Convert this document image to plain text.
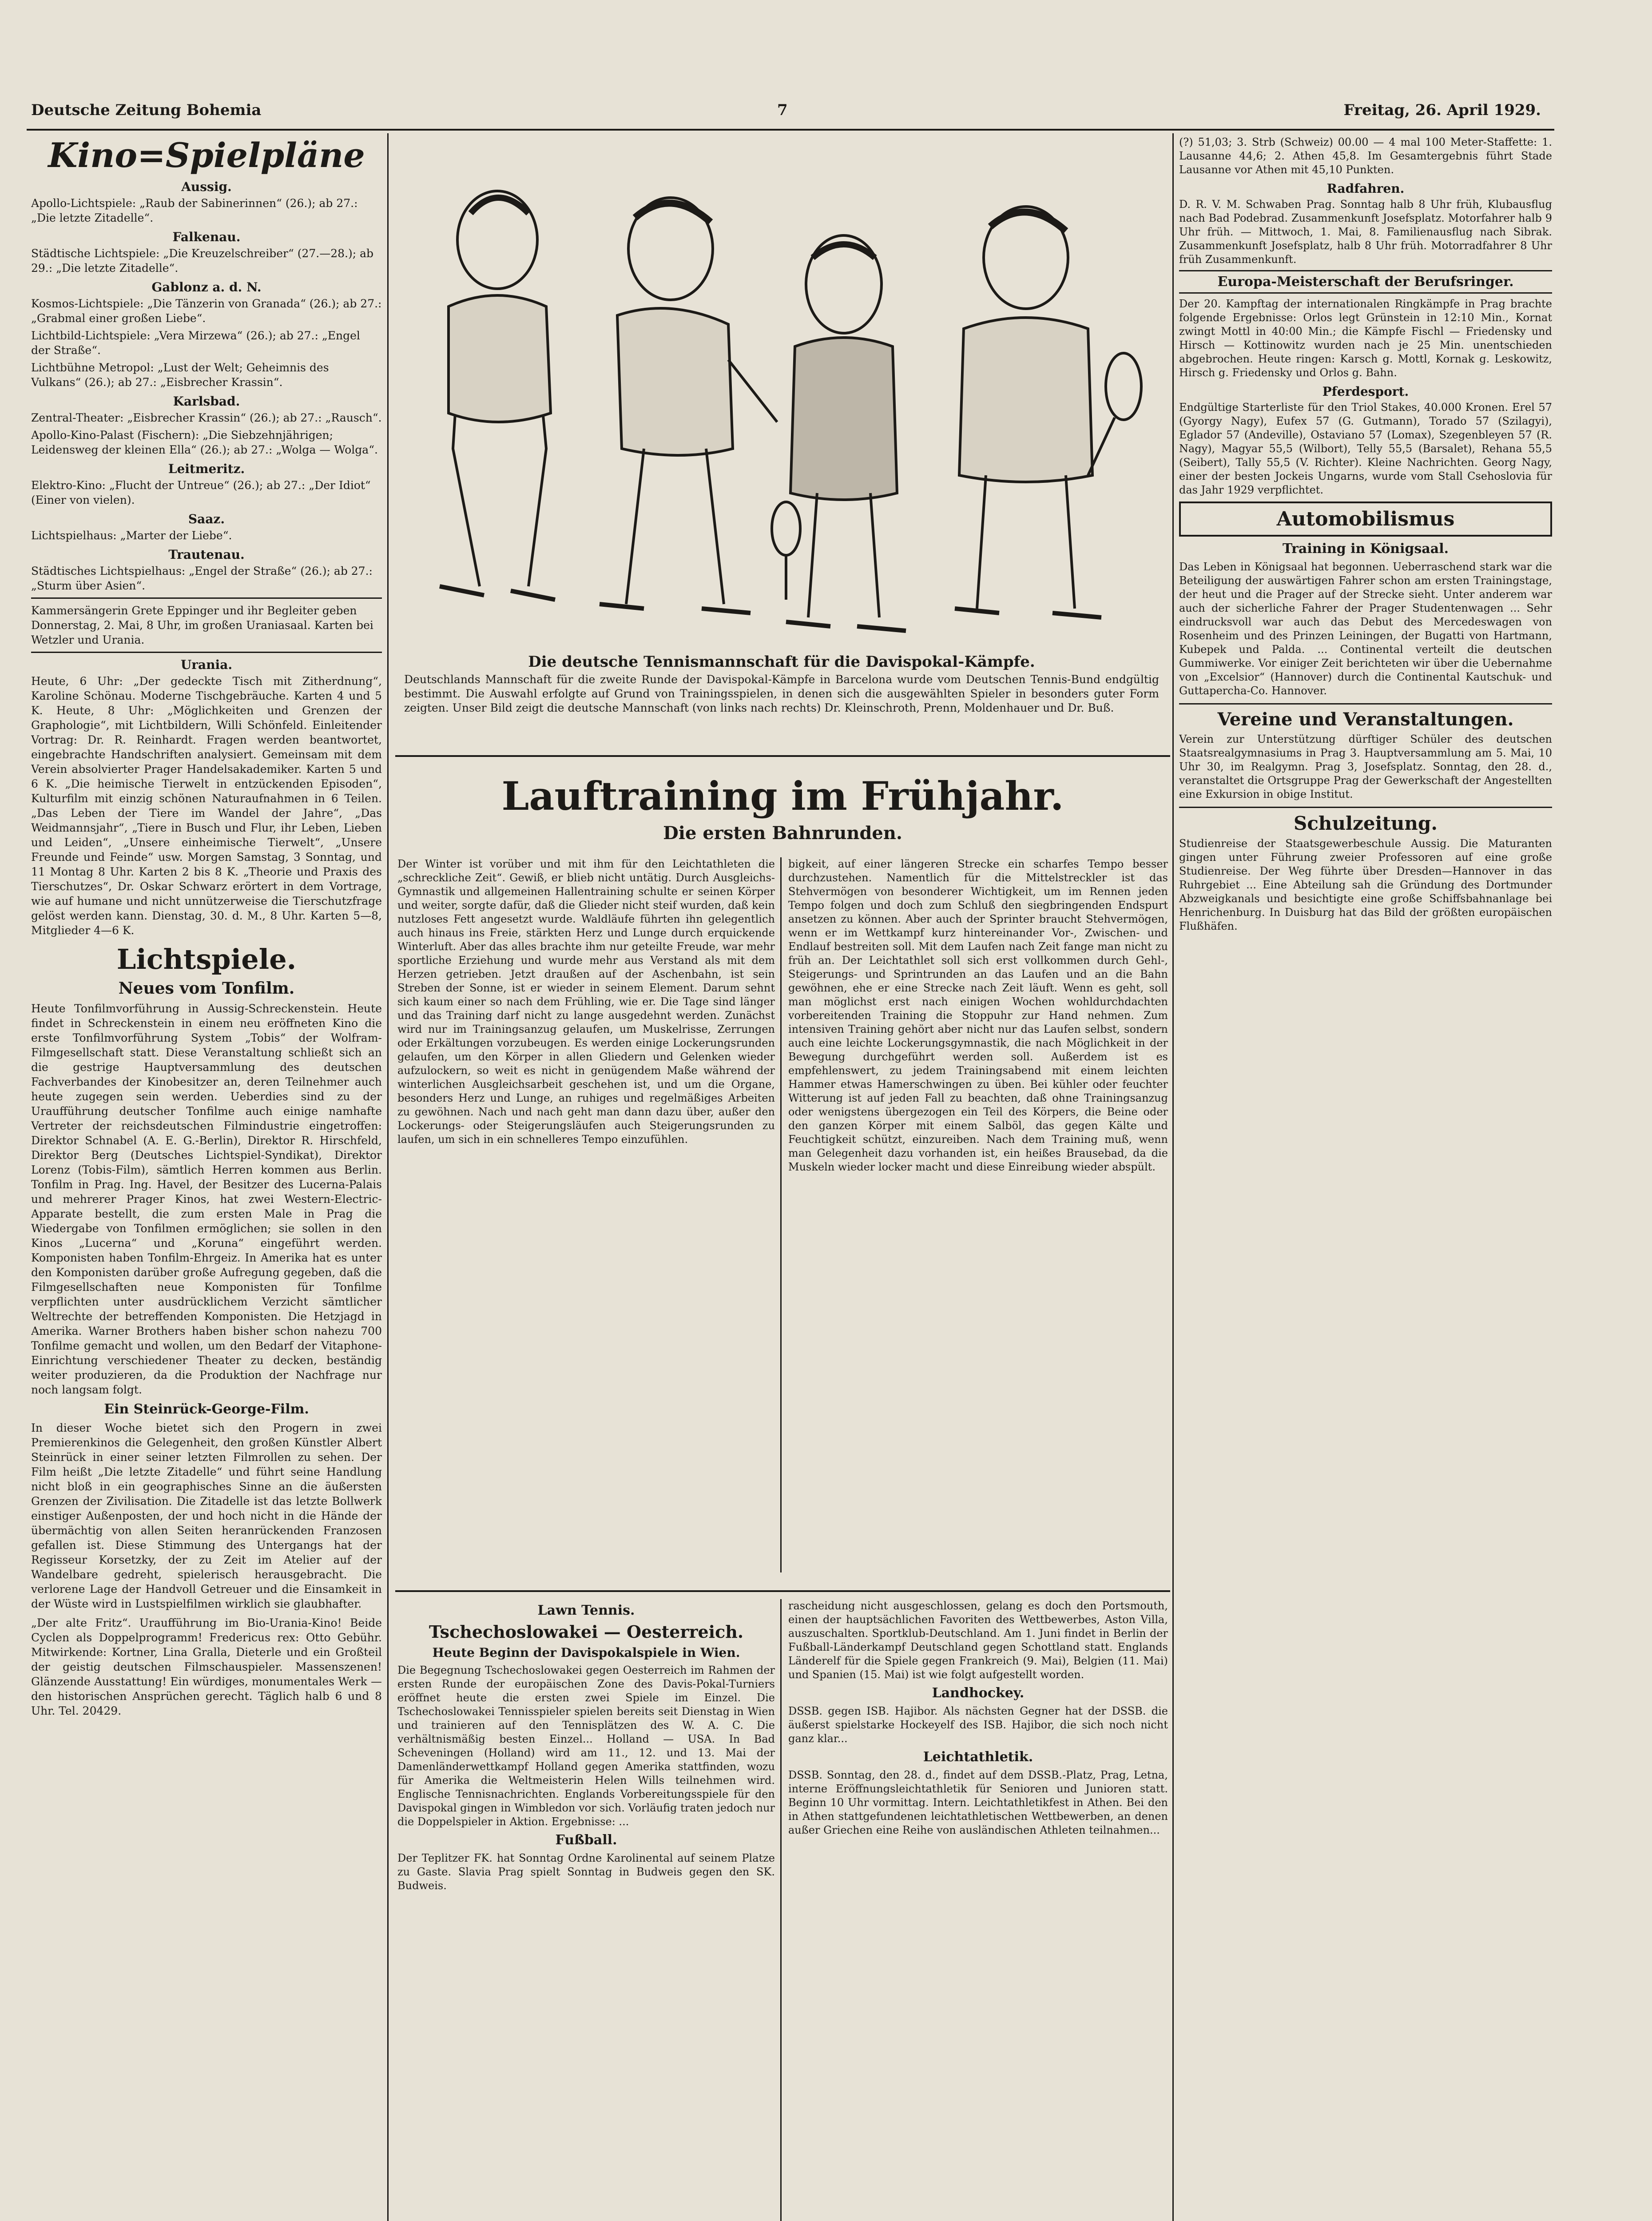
Deutsche Zeitung Bohemia	7	Freitag, 26. April 1929.
Kino=Spielpläne
Aussig.

Apollo-Lichtspiele: „Raub der Sabinerinnen“ (26.); ab 27.: „Die letzte Zitadelle“.

Falkenau.

Städtische Lichtspiele: „Die Kreuzelschreiber“ (27.—28.); ab 29.: „Die letzte Zitadelle“.

Gablonz a. d. N.

Kosmos-Lichtspiele: „Die Tänzerin von Granada“ (26.); ab 27.: „Grabmal einer großen Liebe“.

Lichtbild-Lichtspiele: „Vera Mirzewa“ (26.); ab 27.: „Engel der Straße“.

Lichtbühne Metropol: „Lust der Welt; Geheimnis des Vulkans“ (26.); ab 27.: „Eisbrecher Krassin“.

Karlsbad.

Zentral-Theater: „Eisbrecher Krassin“ (26.); ab 27.: „Rausch“.

Apollo-Kino-Palast (Fischern): „Die Siebzehnjährigen; Leidensweg der kleinen Ella“ (26.); ab 27.: „Wolga — Wolga“.

Leitmeritz.

Elektro-Kino: „Flucht der Untreue“ (26.); ab 27.: „Der Idiot“ (Einer von vielen).

Saaz.

Lichtspielhaus: „Marter der Liebe“.

Trautenau.

Städtisches Lichtspielhaus: „Engel der Straße“ (26.); ab 27.: „Sturm über Asien“.

Kammersängerin Grete Eppinger und ihr Begleiter geben Donnerstag, 2. Mai, 8 Uhr, im großen Uraniasaal. Karten bei Wetzler und Urania.

Urania.

Heute, 6 Uhr: „Der gedeckte Tisch mit Zitherdnung“, Karoline Schönau. Moderne Tischgebräuche. Karten 4 und 5 K. Heute, 8 Uhr: „Möglichkeiten und Grenzen der Graphologie“, mit Lichtbildern, Willi Schönfeld. Einleitender Vortrag: Dr. R. Reinhardt. Fragen werden beantwortet, eingebrachte Handschriften analysiert. Gemeinsam mit dem Verein absolvierter Prager Handelsakademiker. Karten 5 und 6 K. „Die heimische Tierwelt in entzückenden Episoden“, Kulturfilm mit einzig schönen Naturaufnahmen in 6 Teilen. „Das Leben der Tiere im Wandel der Jahre“, „Das Weidmannsjahr“, „Tiere in Busch und Flur, ihr Leben, Lieben und Leiden“, „Unsere einheimische Tierwelt“, „Unsere Freunde und Feinde“ usw. Morgen Samstag, 3 Sonntag, und 11 Montag 8 Uhr. Karten 2 bis 8 K. „Theorie und Praxis des Tierschutzes“, Dr. Oskar Schwarz erörtert in dem Vortrage, wie auf humane und nicht unnützerweise die Tierschutzfrage gelöst werden kann. Dienstag, 30. d. M., 8 Uhr. Karten 5—8, Mitglieder 4—6 K.

Lichtspiele.
Neues vom Tonfilm.

Heute Tonfilmvorführung in Aussig-Schreckenstein. Heute findet in Schreckenstein in einem neu eröffneten Kino die erste Tonfilmvorführung System „Tobis“ der Wolfram-Filmgesellschaft statt. Diese Veranstaltung schließt sich an die gestrige Hauptversammlung des deutschen Fachverbandes der Kinobesitzer an, deren Teilnehmer auch heute zugegen sein werden. Ueberdies sind zu der Uraufführung deutscher Tonfilme auch einige namhafte Vertreter der reichsdeutschen Filmindustrie eingetroffen: Direktor Schnabel (A. E. G.-Berlin), Direktor R. Hirschfeld, Direktor Berg (Deutsches Lichtspiel-Syndikat), Direktor Lorenz (Tobis-Film), sämtlich Herren kommen aus Berlin. Tonfilm in Prag. Ing. Havel, der Besitzer des Lucerna-Palais und mehrerer Prager Kinos, hat zwei Western-Electric-Apparate bestellt, die zum ersten Male in Prag die Wiedergabe von Tonfilmen ermöglichen; sie sollen in den Kinos „Lucerna“ und „Koruna“ eingeführt werden. Komponisten haben Tonfilm-Ehrgeiz. In Amerika hat es unter den Komponisten darüber große Aufregung gegeben, daß die Filmgesellschaften neue Komponisten für Tonfilme verpflichten unter ausdrücklichem Verzicht sämtlicher Weltrechte der betreffenden Komponisten. Die Hetzjagd in Amerika. Warner Brothers haben bisher schon nahezu 700 Tonfilme gemacht und wollen, um den Bedarf der Vitaphone-Einrichtung verschiedener Theater zu decken, beständig weiter produzieren, da die Produktion der Nachfrage nur noch langsam folgt.

Ein Steinrück-George-Film.

In dieser Woche bietet sich den Progern in zwei Premierenkinos die Gelegenheit, den großen Künstler Albert Steinrück in einer seiner letzten Filmrollen zu sehen. Der Film heißt „Die letzte Zitadelle“ und führt seine Handlung nicht bloß in ein geographisches Sinne an die äußersten Grenzen der Zivilisation. Die Zitadelle ist das letzte Bollwerk einstiger Außenposten, der und hoch nicht in die Hände der übermächtig von allen Seiten heranrückenden Franzosen gefallen ist. Diese Stimmung des Untergangs hat der Regisseur Korsetzky, der zu Zeit im Atelier auf der Wandelbare gedreht, spielerisch herausgebracht. Die verlorene Lage der Handvoll Getreuer und die Einsamkeit in der Wüste wird in Lustspielfilmen wirklich sie glaubhafter.

„Der alte Fritz“. Uraufführung im Bio-Urania-Kino! Beide Cyclen als Doppelprogramm! Fredericus rex: Otto Gebühr. Mitwirkende: Kortner, Lina Gralla, Dieterle und ein Großteil der geistig deutschen Filmschauspieler. Massenszenen! Glänzende Ausstattung! Ein würdiges, monumentales Werk — den historischen Ansprüchen gerecht. Täglich halb 6 und 8 Uhr. Tel. 20429.

Die deutsche Tennismannschaft für die Davispokal-Kämpfe.

Deutschlands Mannschaft für die zweite Runde der Davispokal-Kämpfe in Barcelona wurde vom Deutschen Tennis-Bund endgültig bestimmt. Die Auswahl erfolgte auf Grund von Trainingsspielen, in denen sich die ausgewählten Spieler in besonders guter Form zeigten. Unser Bild zeigt die deutsche Mannschaft (von links nach rechts) Dr. Kleinschroth, Prenn, Moldenhauer und Dr. Buß.

Lauftraining im Frühjahr.
Die ersten Bahnrunden.

Der Winter ist vorüber und mit ihm für den Leichtathleten die „schreckliche Zeit“. Gewiß, er blieb nicht untätig. Durch Ausgleichs-Gymnastik und allgemeinen Hallentraining schulte er seinen Körper und weiter, sorgte dafür, daß die Glieder nicht steif wurden, daß kein nutzloses Fett angesetzt wurde. Waldläufe führten ihn gelegentlich auch hinaus ins Freie, stärkten Herz und Lunge durch erquickende Winterluft. Aber das alles brachte ihm nur geteilte Freude, war mehr sportliche Erziehung und wurde mehr aus Verstand als mit dem Herzen getrieben. Jetzt draußen auf der Aschenbahn, ist sein Streben der Sonne, ist er wieder in seinem Element. Darum sehnt sich kaum einer so nach dem Frühling, wie er. Die Tage sind länger und das Training darf nicht zu lange ausgedehnt werden. Zunächst wird nur im Trainingsanzug gelaufen, um Muskelrisse, Zerrungen oder Erkältungen vorzubeugen. Es werden einige Lockerungsrunden gelaufen, um den Körper in allen Gliedern und Gelenken wieder aufzulockern, so weit es nicht in genügendem Maße während der winterlichen Ausgleichsarbeit geschehen ist, und um die Organe, besonders Herz und Lunge, an ruhiges und regelmäßiges Arbeiten zu gewöhnen. Nach und nach geht man dann dazu über, außer den Lockerungs- oder Steigerungsläufen auch Steigerungsrunden zu laufen, um sich in ein schnelleres Tempo einzufühlen.

bigkeit, auf einer längeren Strecke ein scharfes Tempo besser durchzustehen. Namentlich für die Mittelstreckler ist das Stehvermögen von besonderer Wichtigkeit, um im Rennen jeden Tempo folgen und doch zum Schluß den siegbringenden Endspurt ansetzen zu können. Aber auch der Sprinter braucht Stehvermögen, wenn er im Wettkampf kurz hintereinander Vor-, Zwischen- und Endlauf bestreiten soll. Mit dem Laufen nach Zeit fange man nicht zu früh an. Der Leichtathlet soll sich erst vollkommen durch Gehl-, Steigerungs- und Sprintrunden an das Laufen und an die Bahn gewöhnen, ehe er eine Strecke nach Zeit läuft. Wenn es geht, soll man möglichst erst nach einigen Wochen wohldurchdachten vorbereitenden Training die Stoppuhr zur Hand nehmen. Zum intensiven Training gehört aber nicht nur das Laufen selbst, sondern auch eine leichte Lockerungsgymnastik, die nach Möglichkeit in der Bewegung durchgeführt werden soll. Außerdem ist es empfehlenswert, zu jedem Trainingsabend mit einem leichten Hammer etwas Hamerschwingen zu üben. Bei kühler oder feuchter Witterung ist auf jeden Fall zu beachten, daß ohne Trainingsanzug oder wenigstens übergezogen ein Teil des Körpers, die Beine oder den ganzen Körper mit einem Salböl, das gegen Kälte und Feuchtigkeit schützt, einzureiben. Nach dem Training muß, wenn man Gelegenheit dazu vorhanden ist, ein heißes Brausebad, da die Muskeln wieder locker macht und diese Einreibung wieder abspült.

Lawn Tennis.
Tschechoslowakei — Oesterreich.
Heute Beginn der Davispokalspiele in Wien.

Die Begegnung Tschechoslowakei gegen Oesterreich im Rahmen der ersten Runde der europäischen Zone des Davis-Pokal-Turniers eröffnet heute die ersten zwei Spiele im Einzel. Die Tschechoslowakei Tennisspieler spielen bereits seit Dienstag in Wien und trainieren auf den Tennisplätzen des W. A. C. Die verhältnismäßig besten Einzel... Holland — USA. In Bad Scheveningen (Holland) wird am 11., 12. und 13. Mai der Damenländerwettkampf Holland gegen Amerika stattfinden, wozu für Amerika die Weltmeisterin Helen Wills teilnehmen wird. Englische Tennisnachrichten. Englands Vorbereitungsspiele für den Davispokal gingen in Wimbledon vor sich. Vorläufig traten jedoch nur die Doppelspieler in Aktion. Ergebnisse: ...

Fußball.

Der Teplitzer FK. hat Sonntag Ordne Karolinental auf seinem Platze zu Gaste. Slavia Prag spielt Sonntag in Budweis gegen den SK. Budweis.

rascheidung nicht ausgeschlossen, gelang es doch den Portsmouth, einen der hauptsächlichen Favoriten des Wettbewerbes, Aston Villa, auszuschalten. Sportklub-Deutschland. Am 1. Juni findet in Berlin der Fußball-Länderkampf Deutschland gegen Schottland statt. Englands Länderelf für die Spiele gegen Frankreich (9. Mai), Belgien (11. Mai) und Spanien (15. Mai) ist wie folgt aufgestellt worden.

Landhockey.

DSSB. gegen ISB. Hajibor. Als nächsten Gegner hat der DSSB. die äußerst spielstarke Hockeyelf des ISB. Hajibor, die sich noch nicht ganz klar...

Leichtathletik.

DSSB. Sonntag, den 28. d., findet auf dem DSSB.-Platz, Prag, Letna, interne Eröffnungsleichtathletik für Senioren und Junioren statt. Beginn 10 Uhr vormittag. Intern. Leichtathletikfest in Athen. Bei den in Athen stattgefundenen leichtathletischen Wettbewerben, an denen außer Griechen eine Reihe von ausländischen Athleten teilnahmen...

(?) 51,03; 3. Strb (Schweiz) 00.00 — 4 mal 100 Meter-Staffette: 1. Lausanne 44,6; 2. Athen 45,8. Im Gesamtergebnis führt Stade Lausanne vor Athen mit 45,10 Punkten.

Radfahren.

D. R. V. M. Schwaben Prag. Sonntag halb 8 Uhr früh, Klubausflug nach Bad Podebrad. Zusammenkunft Josefsplatz. Motorfahrer halb 9 Uhr früh. — Mittwoch, 1. Mai, 8. Familienausflug nach Sibrak. Zusammenkunft Josefsplatz, halb 8 Uhr früh. Motorradfahrer 8 Uhr früh Zusammenkunft.

Europa-Meisterschaft der Berufsringer.

Der 20. Kampftag der internationalen Ringkämpfe in Prag brachte folgende Ergebnisse: Orlos legt Grünstein in 12:10 Min., Kornat zwingt Mottl in 40:00 Min.; die Kämpfe Fischl — Friedensky und Hirsch — Kottinowitz wurden nach je 25 Min. unentschieden abgebrochen. Heute ringen: Karsch g. Mottl, Kornak g. Leskowitz, Hirsch g. Friedensky und Orlos g. Bahn.

Pferdesport.

Endgültige Starterliste für den Triol Stakes, 40.000 Kronen. Erel 57 (Gyorgy Nagy), Eufex 57 (G. Gutmann), Torado 57 (Szilagyi), Eglador 57 (Andeville), Ostaviano 57 (Lomax), Szegenbleyen 57 (R. Nagy), Magyar 55,5 (Wilbort), Telly 55,5 (Barsalet), Rehana 55,5 (Seibert), Tally 55,5 (V. Richter). Kleine Nachrichten. Georg Nagy, einer der besten Jockeis Ungarns, wurde vom Stall Csehoslovia für das Jahr 1929 verpflichtet.

Automobilismus
Training in Königsaal.

Das Leben in Königsaal hat begonnen. Ueberraschend stark war die Beteiligung der auswärtigen Fahrer schon am ersten Trainingstage, der heut und die Prager auf der Strecke sieht. Unter anderem war auch der sicherliche Fahrer der Prager Studentenwagen ... Sehr eindrucksvoll war auch das Debut des Mercedeswagen von Rosenheim und des Prinzen Leiningen, der Bugatti von Hartmann, Kubepek und Palda. ... Continental verteilt die deutschen Gummiwerke. Vor einiger Zeit berichteten wir über die Uebernahme von „Excelsior“ (Hannover) durch die Continental Kautschuk- und Guttapercha-Co. Hannover.

Vereine und Veranstaltungen.

Verein zur Unterstützung dürftiger Schüler des deutschen Staatsrealgymnasiums in Prag 3. Hauptversammlung am 5. Mai, 10 Uhr 30, im Realgymn. Prag 3, Josefsplatz. Sonntag, den 28. d., veranstaltet die Ortsgruppe Prag der Gewerkschaft der Angestellten eine Exkursion in obige Institut.

Schulzeitung.

Studienreise der Staatsgewerbeschule Aussig. Die Maturanten gingen unter Führung zweier Professoren auf eine große Studienreise. Der Weg führte über Dresden—Hannover in das Ruhrgebiet ... Eine Abteilung sah die Gründung des Dortmunder Abzweigkanals und besichtigte eine große Schiffsbahnanlage bei Henrichenburg. In Duisburg hat das Bild der größten europäischen Flußhäfen.
